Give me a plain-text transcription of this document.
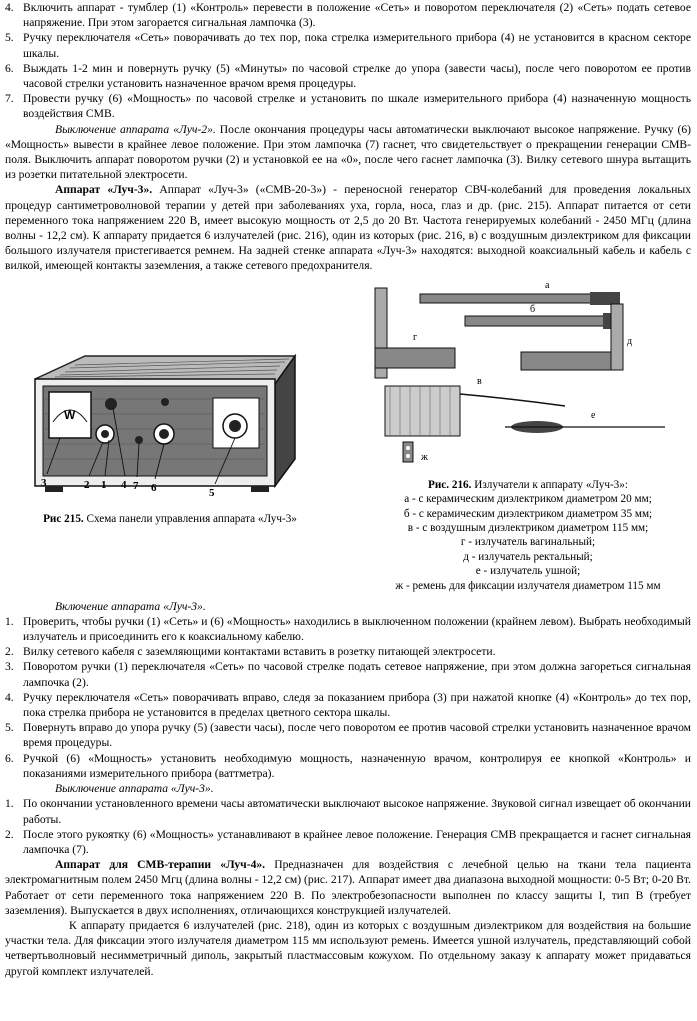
4. Включить аппарат - тумблер (1) «Контроль» перевести в положение «Сеть» и поворотом переключателя (2) «Сеть» подать сетевое напряжение. При этом загорается сигнальная лампочка (3).
5. Ручку переключателя «Сеть» поворачивать до тех пор, пока стрелка измерительного прибора (4) не установится в красном секторе шкалы.
6. Выждать 1-2 мин и повернуть ручку (5) «Минуты» по часовой стрелке до упора (завести часы), после чего поворотом ее против часовой стрелки установить назначенное врачом время процедуры.
7. Провести ручку (6) «Мощность» по часовой стрелке и установить по шкале измерительного прибора (4) назначенную мощность воздействия СМВ.

Выключение аппарата «Луч-2». После окончания процедуры часы автоматически выключают высокое напряжение. Ручку (6) «Мощность» вывести в крайнее левое положение. При этом лампочка (7) гаснет, что свидетельствует о прекращении генерации СМВ-поля. Выключить аппарат поворотом ручки (2) и установкой ее на «0», после чего гаснет лампочка (3). Вилку сетевого шнура вытащить из розетки питательной электросети.

Аппарат «Луч-3». Аппарат «Луч-3» («СМВ-20-3») - переносной генератор СВЧ-колебаний для проведения локальных процедур сантиметроволновой терапии у детей при заболеваниях уха, горла, носа, глаз и др. (рис. 215). Аппарат питается от сети переменного тока напряжением 220 В, имеет высокую мощность от 2,5 до 20 Вт. Частота генерируемых колебаний - 2450 МГц (длина волны - 12,2 см). К аппарату придается 6 излучателей (рис. 216), один из которых (рис. 216, в) с воздушным диэлектриком для фиксации большого излучателя пристегивается ремнем. На задней стенке аппарата «Луч-3» находятся: выходной коаксиальный кабель и кабель с вилкой, имеющей контакты заземления, а также сетевого предохранителя.

W
3	2 1 4 7 6	5

Рис 215. Схема панели управления аппарата «Луч-3»

а
б
г	д
в
е
ж
Рис. 216. Излучатели к аппарату «Луч-3»:
а - с керамическим диэлектриком диаметром 20 мм;
б - с керамическим диэлектриком диаметром 35 мм;
в - с воздушным диэлектриком диаметром 115 мм;
г - излучатель вагинальный;
д - излучатель ректальный;
е - излучатель ушной;
ж - ремень для фиксации излучателя диаметром 115 мм

Включение аппарата «Луч-3».

1. Проверить, чтобы ручки (1) «Сеть» и (6) «Мощность» находились в выключенном положении (крайнем левом). Выбрать необходимый излучатель и присоединить его к коаксиальному кабелю.
2. Вилку сетевого кабеля с заземляющими контактами вставить в розетку питающей электросети.
3. Поворотом ручки (1) переключателя «Сеть» по часовой стрелке подать сетевое напряжение, при этом должна загореться сигнальная лампочка (2).
4. Ручку переключателя «Сеть» поворачивать вправо, следя за показанием прибора (3) при нажатой кнопке (4) «Контроль» до тех пор, пока стрелка прибора не установится в пределах цветного сектора шкалы.
5. Повернуть вправо до упора ручку (5) (завести часы), после чего поворотом ее против часовой стрелки установить назначенное врачом время процедуры.
6. Ручкой (6) «Мощность» установить необходимую мощность, назначенную врачом, контролируя ее кнопкой «Контроль» и показаниями измерительного прибора (ваттметра).

Выключение аппарата «Луч-3».

1. По окончании установленного времени часы автоматически выключают высокое напряжение. Звуковой сигнал извещает об окончании работы.
2. После этого рукоятку (6) «Мощность» устанавливают в крайнее левое положение. Генерация СМВ прекращается и гаснет сигнальная лампочка (7).

Аппарат для СМВ-терапии «Луч-4». Предназначен для воздействия с лечебной целью на ткани тела пациента электромагнитным полем 2450 Мгц (длина волны - 12,2 см) (рис. 217). Аппарат имеет два диапазона выходной мощности: 0-5 Вт; 0-20 Вт. Работает от сети переменного тока напряжением 220 В. По электробезопасности выполнен по классу защиты I, тип В (требует заземления). Выпускается в двух исполнениях, отличающихся конструкцией излучателей.

К аппарату придается 6 излучателей (рис. 218), один из которых с воздушным диэлектриком для воздействия на большие участки тела. Для фиксации этого излучателя диаметром 115 мм используют ремень. Имеется ушной излучатель, представляющий собой четвертьволновый несимметричный диполь, закрытый пластмассовым кожухом. По отдельному заказу к аппарату может придаваться другой комплект излучателей.
